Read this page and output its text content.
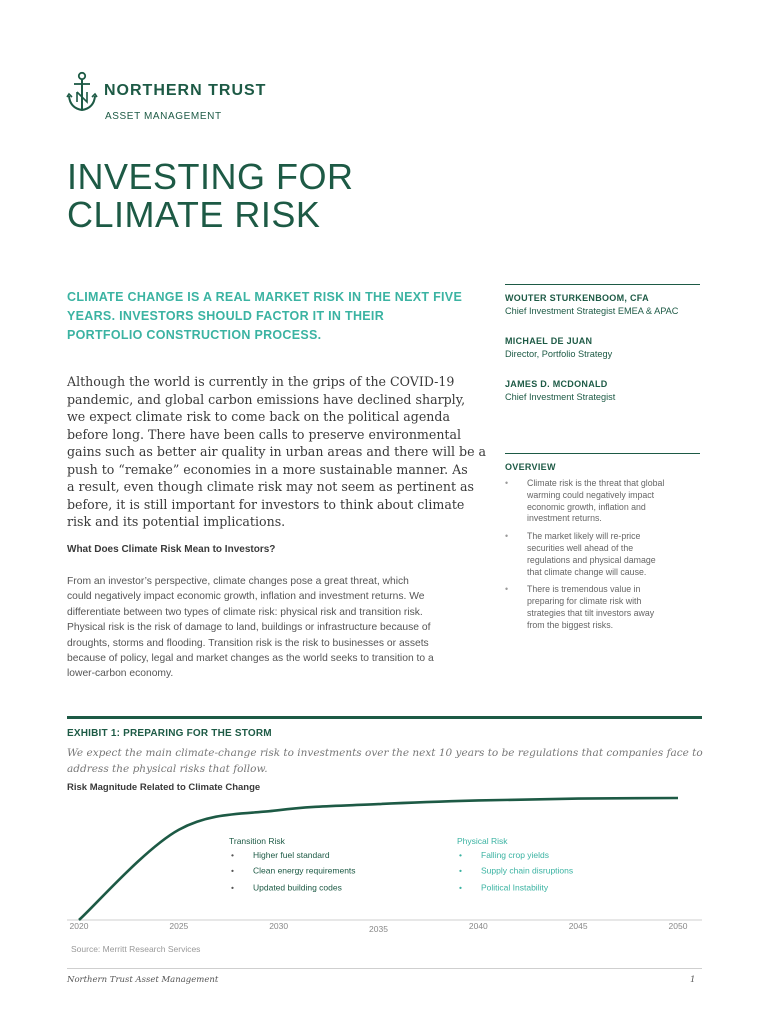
NORTHERN TRUST
ASSET MANAGEMENT
INVESTING FOR
CLIMATE RISK
CLIMATE CHANGE IS A REAL MARKET RISK IN THE NEXT FIVE
YEARS. INVESTORS SHOULD FACTOR IT IN THEIR
PORTFOLIO CONSTRUCTION PROCESS.
WOUTER STURKENBOOM, CFA
Chief Investment Strategist EMEA & APAC
MICHAEL DE JUAN
Director, Portfolio Strategy
JAMES D. MCDONALD
Chief Investment Strategist
Although the world is currently in the grips of the COVID-19
pandemic, and global carbon emissions have declined sharply,
we expect climate risk to come back on the political agenda
before long. There have been calls to preserve environmental
gains such as better air quality in urban areas and there will be a
push to “remake” economies in a more sustainable manner. As
a result, even though climate risk may not seem as pertinent as
before, it is still important for investors to think about climate
risk and its potential implications.
What Does Climate Risk Mean to Investors?
From an investor’s perspective, climate changes pose a great threat, which
could negatively impact economic growth, inflation and investment returns. We
differentiate between two types of climate risk: physical risk and transition risk.
Physical risk is the risk of damage to land, buildings or infrastructure because of
droughts, storms and flooding. Transition risk is the risk to businesses or assets
because of policy, legal and market changes as the world seeks to transition to a
lower-carbon economy.
OVERVIEW
• Climate risk is the threat that global
warming could negatively impact
economic growth, inflation and
investment returns.
• The market likely will re-price
securities well ahead of the
regulations and physical damage
that climate change will cause.
• There is tremendous value in
preparing for climate risk with
strategies that tilt investors away
from the biggest risks.
EXHIBIT 1: PREPARING FOR THE STORM
We expect the main climate-change risk to investments over the next 10 years to be regulations that companies face to
address the physical risks that follow.
Risk Magnitude Related to Climate Change
2020	2025	2030	2035	2040	2045	2050
Transition Risk
• Higher fuel standard
• Clean energy requirements
• Updated building codes
Physical Risk
• Falling crop yields
• Supply chain disruptions
• Political Instability
Source: Merritt Research Services
Northern Trust Asset Management	1
